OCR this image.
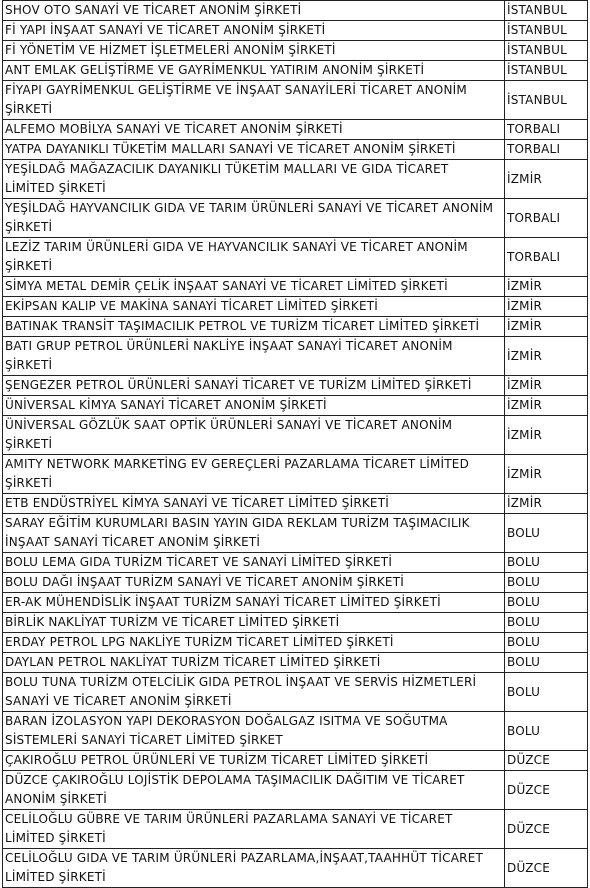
SHOV OTO SANAYİ VE TİCARET ANONİM ŞİRKETİ	İSTANBUL
Fİ YAPI İNŞAAT SANAYİ VE TİCARET ANONİM ŞİRKETİ	İSTANBUL
Fİ YÖNETİM VE HİZMET İŞLETMELERİ ANONİM ŞİRKETİ	İSTANBUL
ANT EMLAK GELİŞTİRME VE GAYRİMENKUL YATIRIM ANONİM ŞİRKETİ	İSTANBUL
FİYAPI GAYRİMENKUL GELİŞTİRME VE İNŞAAT SANAYİLERİ TİCARET ANONİM ŞİRKETİ	İSTANBUL
ALFEMO MOBİLYA SANAYİ VE TİCARET ANONİM ŞİRKETİ	TORBALI
YATPA DAYANIKLI TÜKETİM MALLARI SANAYİ VE TİCARET ANONİM ŞİRKETİ	TORBALI
YEŞİLDAĞ MAĞAZACILIK DAYANIKLI TÜKETİM MALLARI VE GIDA TİCARET LİMİTED ŞİRKETİ	İZMİR
YEŞİLDAĞ HAYVANCILIK GIDA VE TARIM ÜRÜNLERİ SANAYİ VE TİCARET ANONİM ŞİRKETİ	TORBALI
LEZİZ TARIM ÜRÜNLERİ GIDA VE HAYVANCILIK SANAYİ VE TİCARET ANONİM ŞİRKETİ	TORBALI
SİMYA METAL DEMİR ÇELİK İNŞAAT SANAYİ VE TİCARET LİMİTED ŞİRKETİ	İZMİR
EKİPSAN KALIP VE MAKİNA SANAYİ TİCARET LİMİTED ŞİRKETİ	İZMİR
BATINAK TRANSİT TAŞIMACILIK PETROL VE TURİZM TİCARET LİMİTED ŞİRKETİ	İZMİR
BATI GRUP PETROL ÜRÜNLERİ NAKLİYE İNŞAAT SANAYİ TİCARET ANONİM ŞİRKETİ	İZMİR
ŞENGEZER PETROL ÜRÜNLERİ SANAYİ TİCARET VE TURİZM LİMİTED ŞİRKETİ	İZMİR
ÜNİVERSAL KİMYA SANAYİ TİCARET ANONİM ŞİRKETİ	İZMİR
ÜNİVERSAL GÖZLÜK SAAT OPTİK ÜRÜNLERİ SANAYİ VE TİCARET ANONİM ŞİRKETİ	İZMİR
AMITY NETWORK MARKETİNG EV GEREÇLERİ PAZARLAMA TİCARET LİMİTED ŞİRKETİ	İZMİR
ETB ENDÜSTRİYEL KİMYA SANAYİ VE TİCARET LİMİTED ŞİRKETİ	İZMİR
SARAY EĞİTİM KURUMLARI BASIN YAYIN GIDA REKLAM TURİZM TAŞIMACILIK İNŞAAT SANAYİ TİCARET ANONİM ŞİRKETİ	BOLU
BOLU LEMA GIDA TURİZM TİCARET VE SANAYİ LİMİTED ŞİRKETİ	BOLU
BOLU DAĞI İNŞAAT TURİZM SANAYİ VE TİCARET ANONİM ŞİRKETİ	BOLU
ER-AK MÜHENDİSLİK İNŞAAT TURİZM SANAYİ TİCARET LİMİTED ŞİRKETİ	BOLU
BİRLİK NAKLİYAT TURİZM VE TİCARET LİMİTED ŞİRKETİ	BOLU
ERDAY PETROL LPG NAKLİYE TURİZM TİCARET LİMİTED ŞİRKETİ	BOLU
DAYLAN PETROL NAKLİYAT TURİZM TİCARET LİMİTED ŞİRKETİ	BOLU
BOLU TUNA TURİZM OTELCİLİK GIDA PETROL İNŞAAT VE SERVİS HİZMETLERİ SANAYİ VE TİCARET ANONİM ŞİRKETİ	BOLU
BARAN İZOLASYON YAPI DEKORASYON DOĞALGAZ ISITMA VE SOĞUTMA SİSTEMLERİ SANAYİ TİCARET LİMİTED ŞİRKET	BOLU
ÇAKIROĞLU PETROL ÜRÜNLERİ VE TURİZM TİCARET LİMİTED ŞİRKETİ	DÜZCE
DÜZCE ÇAKIROĞLU LOJİSTİK DEPOLAMA TAŞIMACILIK DAĞITIM VE TİCARET ANONİM ŞİRKETİ	DÜZCE
CELİLOĞLU GÜBRE VE TARIM ÜRÜNLERİ PAZARLAMA SANAYİ VE TİCARET LİMİTED ŞİRKETİ	DÜZCE
CELİLOĞLU GIDA VE TARIM ÜRÜNLERİ PAZARLAMA,İNŞAAT,TAAHHÜT TİCARET LİMİTED ŞİRKETİ	DÜZCE
